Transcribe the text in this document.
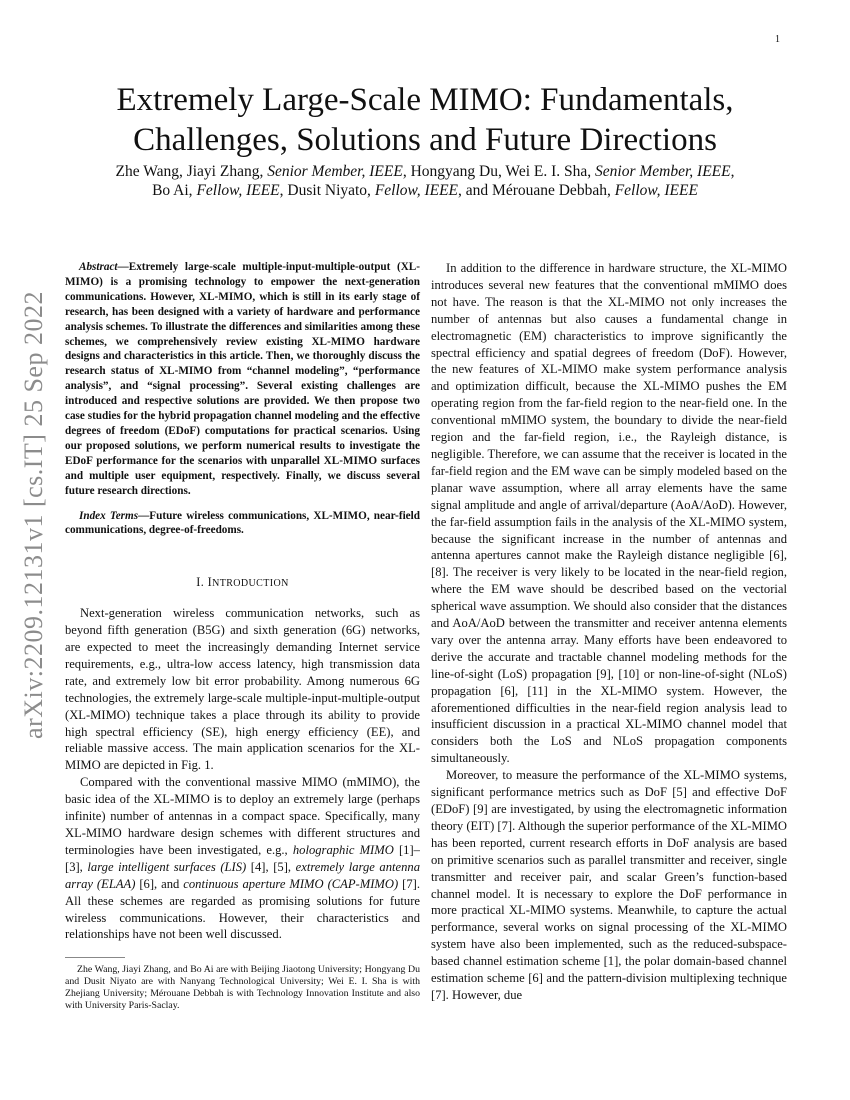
1
arXiv:2209.12131v1 [cs.IT] 25 Sep 2022
Extremely Large-Scale MIMO: Fundamentals, Challenges, Solutions and Future Directions
Zhe Wang, Jiayi Zhang, Senior Member, IEEE, Hongyang Du, Wei E. I. Sha, Senior Member, IEEE,
Bo Ai, Fellow, IEEE, Dusit Niyato, Fellow, IEEE, and Mérouane Debbah, Fellow, IEEE

Abstract—Extremely large-scale multiple-input-multiple-output (XL-MIMO) is a promising technology to empower the next-generation communications. However, XL-MIMO, which is still in its early stage of research, has been designed with a variety of hardware and performance analysis schemes. To illustrate the differences and similarities among these schemes, we comprehensively review existing XL-MIMO hardware designs and characteristics in this article. Then, we thoroughly discuss the research status of XL-MIMO from “channel modeling”, “performance analysis”, and “signal processing”. Several existing challenges are introduced and respective solutions are provided. We then propose two case studies for the hybrid propagation channel modeling and the effective degrees of freedom (EDoF) computations for practical scenarios. Using our proposed solutions, we perform numerical results to investigate the EDoF performance for the scenarios with unparallel XL-MIMO surfaces and multiple user equipment, respectively. Finally, we discuss several future research directions.

Index Terms—Future wireless communications, XL-MIMO, near-field communications, degree-of-freedoms.

I. INTRODUCTION

Next-generation wireless communication networks, such as beyond fifth generation (B5G) and sixth generation (6G) networks, are expected to meet the increasingly demanding Internet service requirements, e.g., ultra-low access latency, high transmission data rate, and extremely low bit error probability. Among numerous 6G technologies, the extremely large-scale multiple-input-multiple-output (XL-MIMO) technique takes a place through its ability to provide high spectral efficiency (SE), high energy efficiency (EE), and reliable massive access. The main application scenarios for the XL-MIMO are depicted in Fig. 1.

Compared with the conventional massive MIMO (mMIMO), the basic idea of the XL-MIMO is to deploy an extremely large (perhaps infinite) number of antennas in a compact space. Specifically, many XL-MIMO hardware design schemes with different structures and terminologies have been investigated, e.g., holographic MIMO [1]–[3], large intelligent surfaces (LIS) [4], [5], extremely large antenna array (ELAA) [6], and continuous aperture MIMO (CAP-MIMO) [7]. All these schemes are regarded as promising solutions for future wireless communications. However, their characteristics and relationships have not been well discussed.

Zhe Wang, Jiayi Zhang, and Bo Ai are with Beijing Jiaotong University; Hongyang Du and Dusit Niyato are with Nanyang Technological University; Wei E. I. Sha is with Zhejiang University; Mérouane Debbah is with Technology Innovation Institute and also with University Paris-Saclay.

In addition to the difference in hardware structure, the XL-MIMO introduces several new features that the conventional mMIMO does not have. The reason is that the XL-MIMO not only increases the number of antennas but also causes a fundamental change in electromagnetic (EM) characteristics to improve significantly the spectral efficiency and spatial degrees of freedom (DoF). However, the new features of XL-MIMO make system performance analysis and optimization difficult, because the XL-MIMO pushes the EM operating region from the far-field region to the near-field one. In the conventional mMIMO system, the boundary to divide the near-field region and the far-field region, i.e., the Rayleigh distance, is negligible. Therefore, we can assume that the receiver is located in the far-field region and the EM wave can be simply modeled based on the planar wave assumption, where all array elements have the same signal amplitude and angle of arrival/departure (AoA/AoD). However, the far-field assumption fails in the analysis of the XL-MIMO system, because the significant increase in the number of antennas and antenna apertures cannot make the Rayleigh distance negligible [6], [8]. The receiver is very likely to be located in the near-field region, where the EM wave should be described based on the vectorial spherical wave assumption. We should also consider that the distances and AoA/AoD between the transmitter and receiver antenna elements vary over the antenna array. Many efforts have been endeavored to derive the accurate and tractable channel modeling methods for the line-of-sight (LoS) propagation [9], [10] or non-line-of-sight (NLoS) propagation [6], [11] in the XL-MIMO system. However, the aforementioned difficulties in the near-field region analysis lead to insufficient discussion in a practical XL-MIMO channel model that considers both the LoS and NLoS propagation components simultaneously.

Moreover, to measure the performance of the XL-MIMO systems, significant performance metrics such as DoF [5] and effective DoF (EDoF) [9] are investigated, by using the electromagnetic information theory (EIT) [7]. Although the superior performance of the XL-MIMO has been reported, current research efforts in DoF analysis are based on primitive scenarios such as parallel transmitter and receiver, single transmitter and receiver pair, and scalar Green’s function-based channel model. It is necessary to explore the DoF performance in more practical XL-MIMO systems. Meanwhile, to capture the actual performance, several works on signal processing of the XL-MIMO system have also been implemented, such as the reduced-subspace-based channel estimation scheme [1], the polar domain-based channel estimation scheme [6] and the pattern-division multiplexing technique [7]. However, due
